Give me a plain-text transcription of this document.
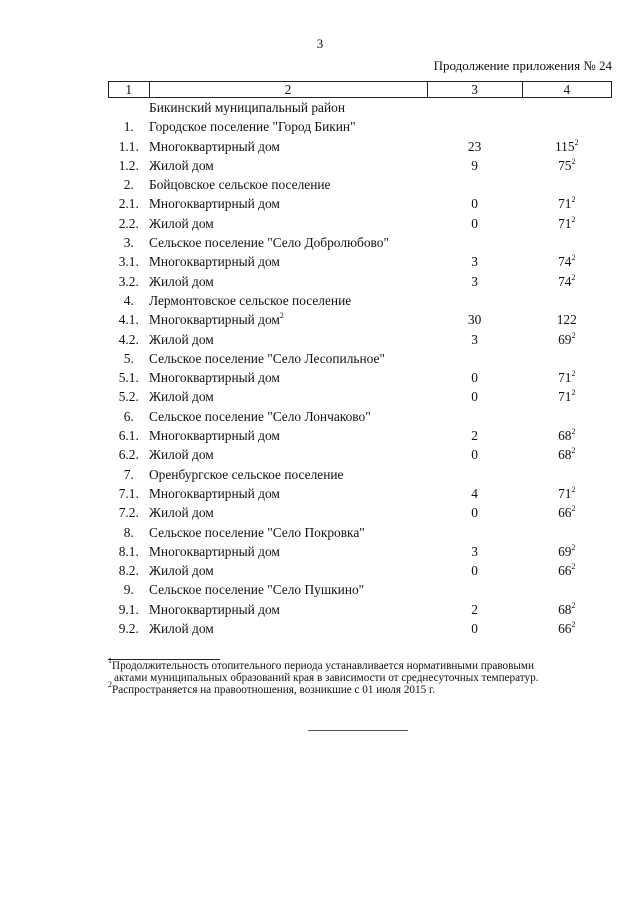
3
Продолжение приложения № 24
1	2	3	4
	Бикинский муниципальный район		
1.	Городское поселение "Город Бикин"		
1.1.	Многоквартирный дом	23	$115^2$
1.2.	Жилой дом	9	$75^2$
2.	Бойцовское сельское поселение		
2.1.	Многоквартирный дом	0	$71^2$
2.2.	Жилой дом	0	$71^2$
3.	Сельское поселение "Село Добролюбово"		
3.1.	Многоквартирный дом	3	$74^2$
3.2.	Жилой дом	3	$74^2$
4.	Лермонтовское сельское поселение		
4.1.	Многоквартирный дом$^2$	30	122
4.2.	Жилой дом	3	$69^2$
5.	Сельское поселение "Село Лесопильное"		
5.1.	Многоквартирный дом	0	$71^2$
5.2.	Жилой дом	0	$71^2$
6.	Сельское поселение "Село Лончаково"		
6.1.	Многоквартирный дом	2	$68^2$
6.2.	Жилой дом	0	$68^2$
7.	Оренбургское сельское поселение		
7.1.	Многоквартирный дом	4	$71^2$
7.2.	Жилой дом	0	$66^2$
8.	Сельское поселение "Село Покровка"		
8.1.	Многоквартирный дом	3	$69^2$
8.2.	Жилой дом	0	$66^2$
9.	Сельское поселение "Село Пушкино"		
9.1.	Многоквартирный дом	2	$68^2$
9.2.	Жилой дом	0	$66^2$
$^1$Продолжительность отопительного периода устанавливается нормативными правовыми
актами муниципальных образований края в зависимости от среднесуточных температур.
$^2$Распространяется на правоотношения, возникшие с 01 июля 2015 г.
